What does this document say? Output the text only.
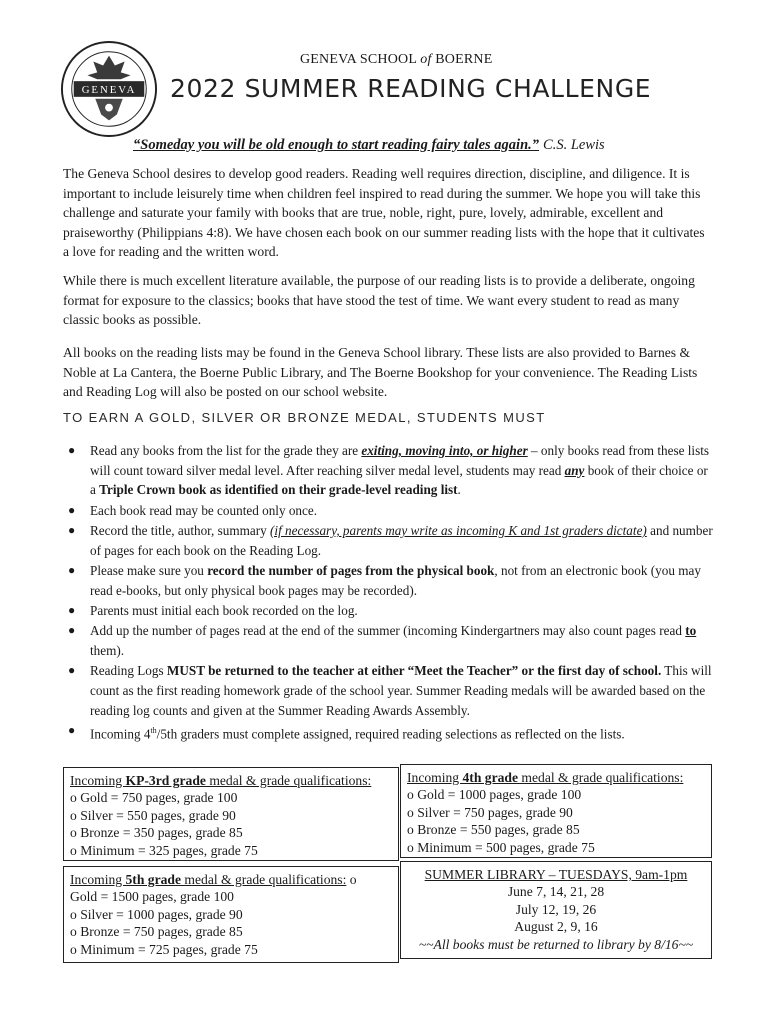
GENEVA
GENEVA SCHOOL of BOERNE
2022 SUMMER READING CHALLENGE
“Someday you will be old enough to start reading fairy tales again.” C.S. Lewis

The Geneva School desires to develop good readers. Reading well requires direction, discipline, and diligence. It is important to include leisurely time when children feel inspired to read during the summer. We hope you will take this challenge and saturate your family with books that are true, noble, right, pure, lovely, admirable, excellent and praiseworthy (Philippians 4:8). We have chosen each book on our summer reading lists with the hope that it cultivates a love for reading and the written word.

While there is much excellent literature available, the purpose of our reading lists is to provide a deliberate, ongoing format for exposure to the classics; books that have stood the test of time. We want every student to read as many classic books as possible.

All books on the reading lists may be found in the Geneva School library. These lists are also provided to Barnes & Noble at La Cantera, the Boerne Public Library, and The Boerne Bookshop for your convenience. The Reading Lists and Reading Log will also be posted on our school website.

TO EARN A GOLD, SILVER OR BRONZE MEDAL, STUDENTS MUST
● Read any books from the list for the grade they are exiting, moving into, or higher – only books read from these lists will count toward silver medal level. After reaching silver medal level, students may read any book of their choice or a Triple Crown book as identified on their grade-level reading list.
● Each book read may be counted only once.
● Record the title, author, summary (if necessary, parents may write as incoming K and 1st graders dictate) and number of pages for each book on the Reading Log.
● Please make sure you record the number of pages from the physical book, not from an electronic book (you may read e-books, but only physical book pages may be recorded).
● Parents must initial each book recorded on the log.
● Add up the number of pages read at the end of the summer (incoming Kindergartners may also count pages read to them).
● Reading Logs MUST be returned to the teacher at either “Meet the Teacher” or the first day of school. This will count as the first reading homework grade of the school year. Summer Reading medals will be awarded based on the reading log counts and given at the Summer Reading Awards Assembly.
● Incoming 4th/5th graders must complete assigned, required reading selections as reflected on the lists.
Incoming KP-3rd grade medal & grade qualifications:
o Gold = 750 pages, grade 100
o Silver = 550 pages, grade 90
o Bronze = 350 pages, grade 85
o Minimum = 325 pages, grade 75
Incoming 4th grade medal & grade qualifications:
o Gold = 1000 pages, grade 100
o Silver = 750 pages, grade 90
o Bronze = 550 pages, grade 85
o Minimum = 500 pages, grade 75
Incoming 5th grade medal & grade qualifications: o
Gold = 1500 pages, grade 100
o Silver = 1000 pages, grade 90
o Bronze = 750 pages, grade 85
o Minimum = 725 pages, grade 75
SUMMER LIBRARY – TUESDAYS, 9am-1pm
June 7, 14, 21, 28
July 12, 19, 26
August 2, 9, 16
~~All books must be returned to library by 8/16~~
